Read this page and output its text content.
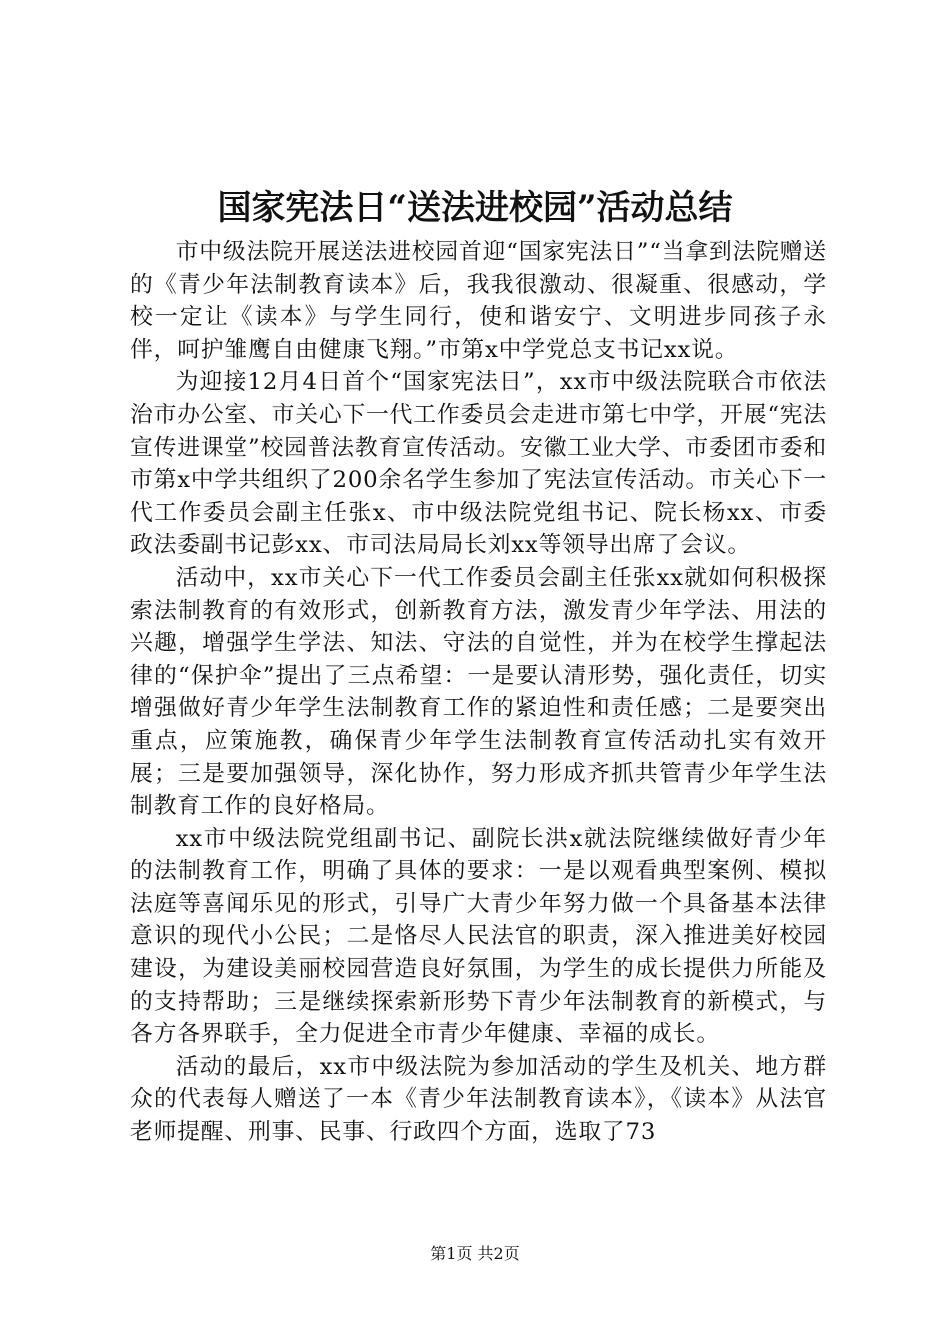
国家宪法日“送法进校园”活动总结

市中级法院开展送法进校园首迎“国家宪法日”“当拿到法院赠送的《青少年法制教育读本》后，我我很激动、很凝重、很感动，学校一定让《读本》与学生同行，使和谐安宁、文明进步同孩子永伴，呵护雏鹰自由健康飞翔。”市第x中学党总支书记xx说。

为迎接12月4日首个“国家宪法日”，xx市中级法院联合市依法治市办公室、市关心下一代工作委员会走进市第七中学，开展“宪法宣传进课堂”校园普法教育宣传活动。安徽工业大学、市委团市委和市第x中学共组织了200余名学生参加了宪法宣传活动。市关心下一代工作委员会副主任张x、市中级法院党组书记、院长杨xx、市委政法委副书记彭xx、市司法局局长刘xx等领导出席了会议。

活动中，xx市关心下一代工作委员会副主任张xx就如何积极探索法制教育的有效形式，创新教育方法，激发青少年学法、用法的兴趣，增强学生学法、知法、守法的自觉性，并为在校学生撑起法律的“保护伞”提出了三点希望：一是要认清形势，强化责任，切实增强做好青少年学生法制教育工作的紧迫性和责任感；二是要突出重点，应策施教，确保青少年学生法制教育宣传活动扎实有效开展；三是要加强领导，深化协作，努力形成齐抓共管青少年学生法制教育工作的良好格局。

xx市中级法院党组副书记、副院长洪x就法院继续做好青少年的法制教育工作，明确了具体的要求：一是以观看典型案例、模拟法庭等喜闻乐见的形式，引导广大青少年努力做一个具备基本法律意识的现代小公民；二是恪尽人民法官的职责，深入推进美好校园建设，为建设美丽校园营造良好氛围，为学生的成长提供力所能及的支持帮助；三是继续探索新形势下青少年法制教育的新模式，与各方各界联手，全力促进全市青少年健康、幸福的成长。

活动的最后，xx市中级法院为参加活动的学生及机关、地方群众的代表每人赠送了一本《青少年法制教育读本》，《读本》从法官老师提醒、刑事、民事、行政四个方面，选取了73

第1页 共2页
